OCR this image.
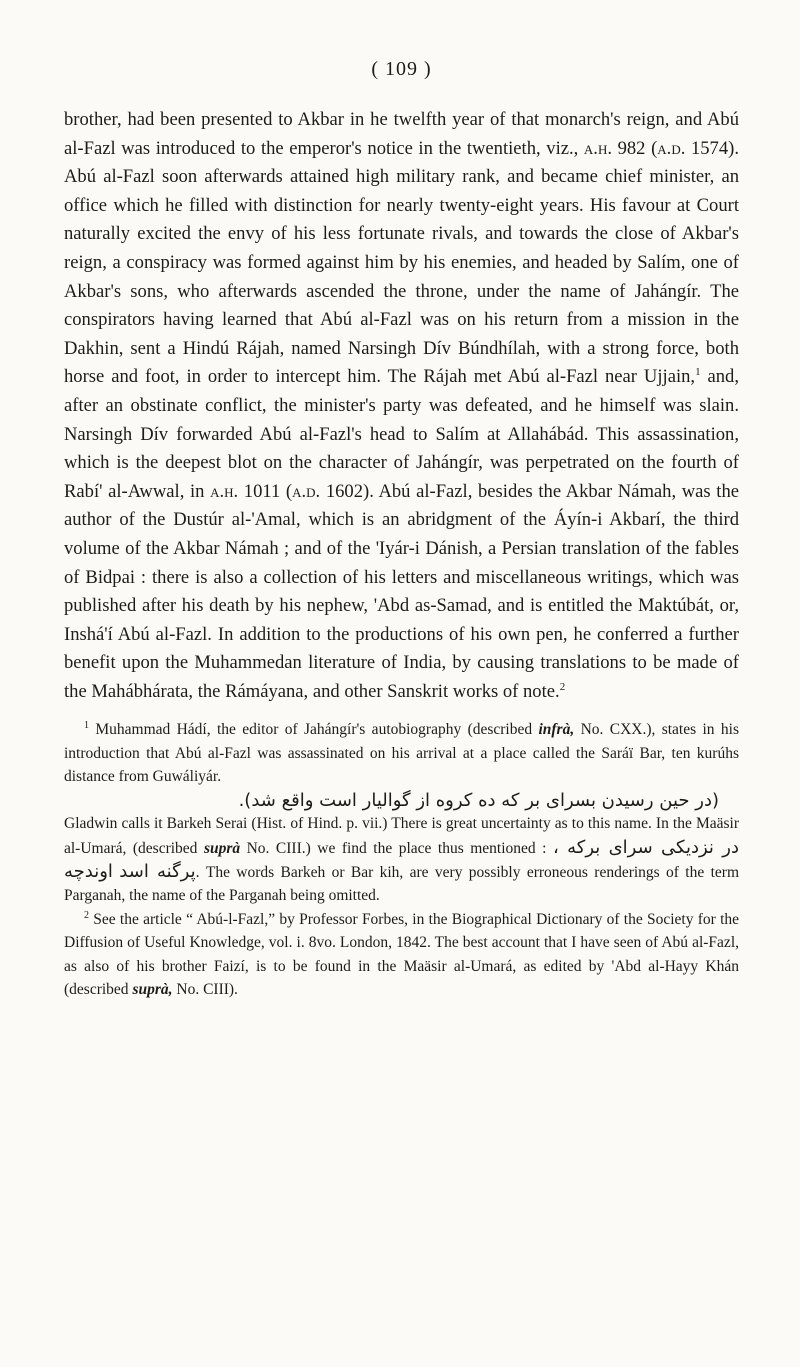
( 109 )

brother, had been presented to Akbar in he twelfth year of that monarch's reign, and Abú al-Fazl was introduced to the emperor's notice in the twentieth, viz., a.h. 982 (a.d. 1574). Abú al-Fazl soon afterwards attained high military rank, and became chief minister, an office which he filled with distinction for nearly twenty-eight years. His favour at Court naturally excited the envy of his less fortunate rivals, and towards the close of Akbar's reign, a conspiracy was formed against him by his enemies, and headed by Salím, one of Akbar's sons, who afterwards ascended the throne, under the name of Jahángír. The conspirators having learned that Abú al-Fazl was on his return from a mission in the Dakhin, sent a Hindú Rájah, named Narsingh Dív Búndhílah, with a strong force, both horse and foot, in order to intercept him. The Rájah met Abú al-Fazl near Ujjain,$^1$ and, after an obstinate conflict, the minister's party was defeated, and he himself was slain. Narsingh Dív forwarded Abú al-Fazl's head to Salím at Allahábád. This assassination, which is the deepest blot on the character of Jahángír, was perpetrated on the fourth of Rabí' al-Awwal, in a.h. 1011 (a.d. 1602). Abú al-Fazl, besides the Akbar Námah, was the author of the Dustúr al-'Amal, which is an abridgment of the Áyín-i Akbarí, the third volume of the Akbar Námah ; and of the 'Iyár-i Dánish, a Persian translation of the fables of Bidpai : there is also a collection of his letters and miscellaneous writings, which was published after his death by his nephew, 'Abd as-Samad, and is entitled the Maktúbát, or, Inshá'í Abú al-Fazl. In addition to the productions of his own pen, he conferred a further benefit upon the Muhammedan literature of India, by causing translations to be made of the Mahábhárata, the Rámáyana, and other Sanskrit works of note.$^2$

$^1$ Muhammad Hádí, the editor of Jahángír's autobiography (described infrà, No. CXX.), states in his introduction that Abú al-Fazl was assassinated on his arrival at a place called the Saráï Bar, ten kurúhs distance from Guwáliyár.
(در حين رسيدن بسراى بر كه ده كروه از گواليار است واقع شد).
Gladwin calls it Barkeh Serai (Hist. of Hind. p. vii.) There is great uncertainty as to this name. In the Maäsir al-Umará, (described suprà No. CIII.) we find the place thus mentioned : در نزديكى سراى بركه ، اوندچه پرگنه اسد. The words Barkeh or Bar kih, are very possibly erroneous renderings of the term Parganah, the name of the Parganah being omitted.

$^2$ See the article “ Abú-l-Fazl,” by Professor Forbes, in the Biographical Dictionary of the Society for the Diffusion of Useful Knowledge, vol. i. 8vo. London, 1842. The best account that I have seen of Abú al-Fazl, as also of his brother Faizí, is to be found in the Maäsir al-Umará, as edited by 'Abd al-Hayy Khán (described suprà, No. CIII).
